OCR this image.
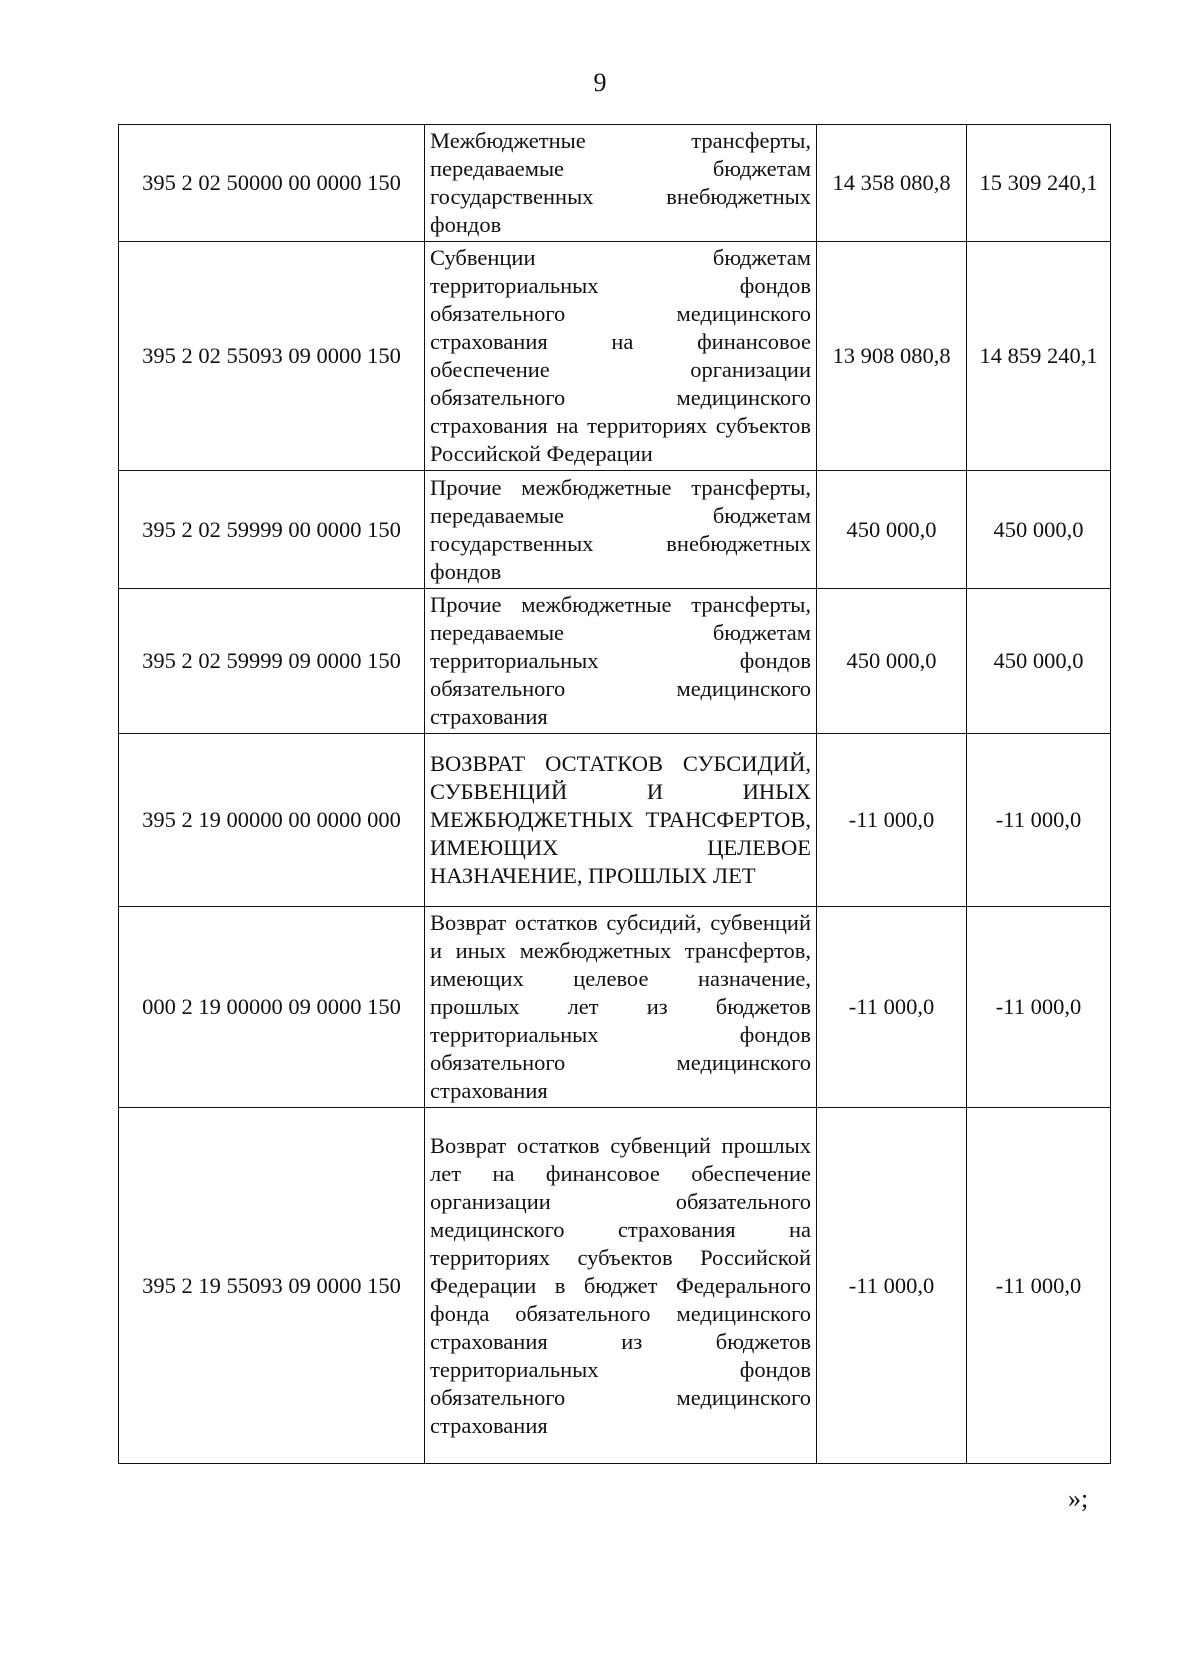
9
395 2 02 50000 00 0000 150	Межбюджетные трансферты, передаваемые бюджетам государственных внебюджетных фондов	14 358 080,8	15 309 240,1
395 2 02 55093 09 0000 150	Субвенции бюджетам территориальных фондов обязательного медицинского страхования на финансовое обеспечение организации обязательного медицинского страхования на территориях субъектов Российской Федерации	13 908 080,8	14 859 240,1
395 2 02 59999 00 0000 150	Прочие межбюджетные трансферты, передаваемые бюджетам государственных внебюджетных фондов	450 000,0	450 000,0
395 2 02 59999 09 0000 150	Прочие межбюджетные трансферты, передаваемые бюджетам территориальных фондов обязательного медицинского страхования	450 000,0	450 000,0
395 2 19 00000 00 0000 000	ВОЗВРАТ ОСТАТКОВ СУБСИДИЙ, СУБВЕНЦИЙ И ИНЫХ МЕЖБЮДЖЕТНЫХ ТРАНСФЕРТОВ, ИМЕЮЩИХ ЦЕЛЕВОЕ НАЗНАЧЕНИЕ, ПРОШЛЫХ ЛЕТ	-11 000,0	-11 000,0
000 2 19 00000 09 0000 150	Возврат остатков субсидий, субвенций и иных межбюджетных трансфертов, имеющих целевое назначение, прошлых лет из бюджетов территориальных фондов обязательного медицинского страхования	-11 000,0	-11 000,0
395 2 19 55093 09 0000 150	Возврат остатков субвенций прошлых лет на финансовое обеспечение организации обязательного медицинского страхования на территориях субъектов Российской Федерации в бюджет Федерального фонда обязательного медицинского страхования из бюджетов территориальных фондов обязательного медицинского страхования	-11 000,0	-11 000,0
»;
